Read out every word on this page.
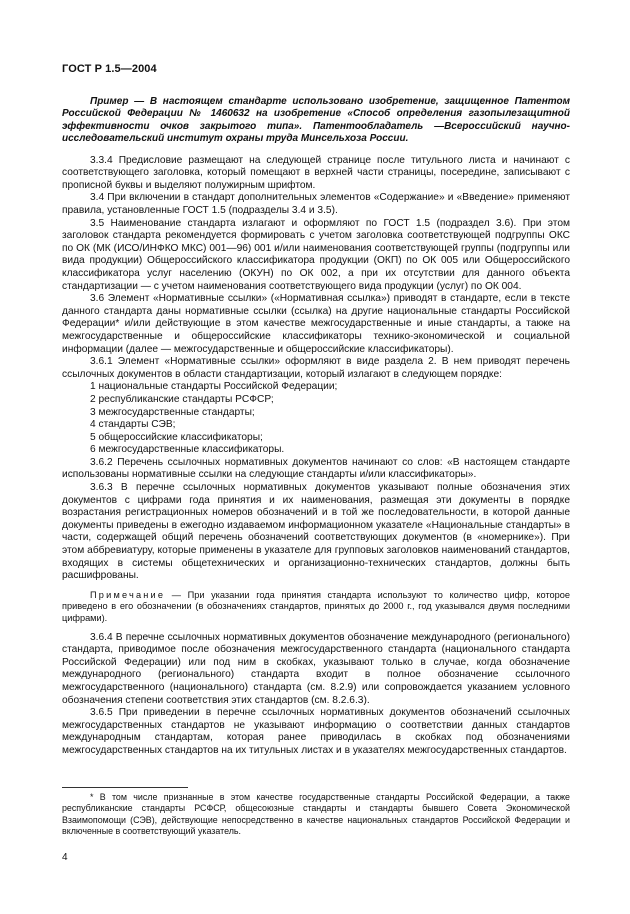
ГОСТ Р 1.5—2004

Пример — В настоящем стандарте использовано изобретение, защищенное Патентом Российской Федерации № 1460632 на изобретение «Способ определения газопылезащитной эффективности очков закрытого типа». Патентообладатель —Всероссийский научно-исследовательский институт охраны труда Минсельхоза России.

3.3.4 Предисловие размещают на следующей странице после титульного листа и начинают с соответствующего заголовка, который помещают в верхней части страницы, посередине, записывают с прописной буквы и выделяют полужирным шрифтом.

3.4 При включении в стандарт дополнительных элементов «Содержание» и «Введение» применяют правила, установленные ГОСТ 1.5 (подразделы 3.4 и 3.5).

3.5 Наименование стандарта излагают и оформляют по ГОСТ 1.5 (подраздел 3.6). При этом заголовок стандарта рекомендуется формировать с учетом заголовка соответствующей подгруппы ОКС по ОК (МК (ИСО/ИНФКО МКС) 001—96) 001 и/или наименования соответствующей группы (подгруппы или вида продукции) Общероссийского классификатора продукции (ОКП) по ОК 005 или Общероссийского классификатора услуг населению (ОКУН) по ОК 002, а при их отсутствии для данного объекта стандартизации — с учетом наименования соответствующего вида продукции (услуг) по ОК 004.

3.6 Элемент «Нормативные ссылки» («Нормативная ссылка») приводят в стандарте, если в тексте данного стандарта даны нормативные ссылки (ссылка) на другие национальные стандарты Российской Федерации* и/или действующие в этом качестве межгосударственные и иные стандарты, а также на межгосударственные и общероссийские классификаторы технико-экономической и социальной информации (далее — межгосударственные и общероссийские классификаторы).

3.6.1 Элемент «Нормативные ссылки» оформляют в виде раздела 2. В нем приводят перечень ссылочных документов в области стандартизации, который излагают в следующем порядке:

1 национальные стандарты Российской Федерации;
2 республиканские стандарты РСФСР;
3 межгосударственные стандарты;
4 стандарты СЭВ;
5 общероссийские классификаторы;
6 межгосударственные классификаторы.

3.6.2 Перечень ссылочных нормативных документов начинают со слов: «В настоящем стандарте использованы нормативные ссылки на следующие стандарты и/или классификаторы».

3.6.3 В перечне ссылочных нормативных документов указывают полные обозначения этих документов с цифрами года принятия и их наименования, размещая эти документы в порядке возрастания регистрационных номеров обозначений и в той же последовательности, в которой данные документы приведены в ежегодно издаваемом информационном указателе «Национальные стандарты» в части, содержащей общий перечень обозначений соответствующих документов (в «номернике»). При этом аббревиатуру, которые применены в указателе для групповых заголовков наименований стандартов, входящих в системы общетехнических и организационно-технических стандартов, должны быть расшифрованы.

Примечание — При указании года принятия стандарта используют то количество цифр, которое приведено в его обозначении (в обозначениях стандартов, принятых до 2000 г., год указывался двумя последними цифрами).

3.6.4 В перечне ссылочных нормативных документов обозначение международного (регионального) стандарта, приводимое после обозначения межгосударственного стандарта (национального стандарта Российской Федерации) или под ним в скобках, указывают только в случае, когда обозначение международного (регионального) стандарта входит в полное обозначение ссылочного межгосударственного (национального) стандарта (см. 8.2.9) или сопровождается указанием условного обозначения степени соответствия этих стандартов (см. 8.2.6.3).

3.6.5 При приведении в перечне ссылочных нормативных документов обозначений ссылочных межгосударственных стандартов не указывают информацию о соответствии данных стандартов международным стандартам, которая ранее приводилась в скобках под обозначениями межгосударственных стандартов на их титульных листах и в указателях межгосударственных стандартов.

* В том числе признанные в этом качестве государственные стандарты Российской Федерации, а также республиканские стандарты РСФСР, общесоюзные стандарты и стандарты бывшего Совета Экономической Взаимопомощи (СЭВ), действующие непосредственно в качестве национальных стандартов Российской Федерации и включенные в соответствующий указатель.

4
